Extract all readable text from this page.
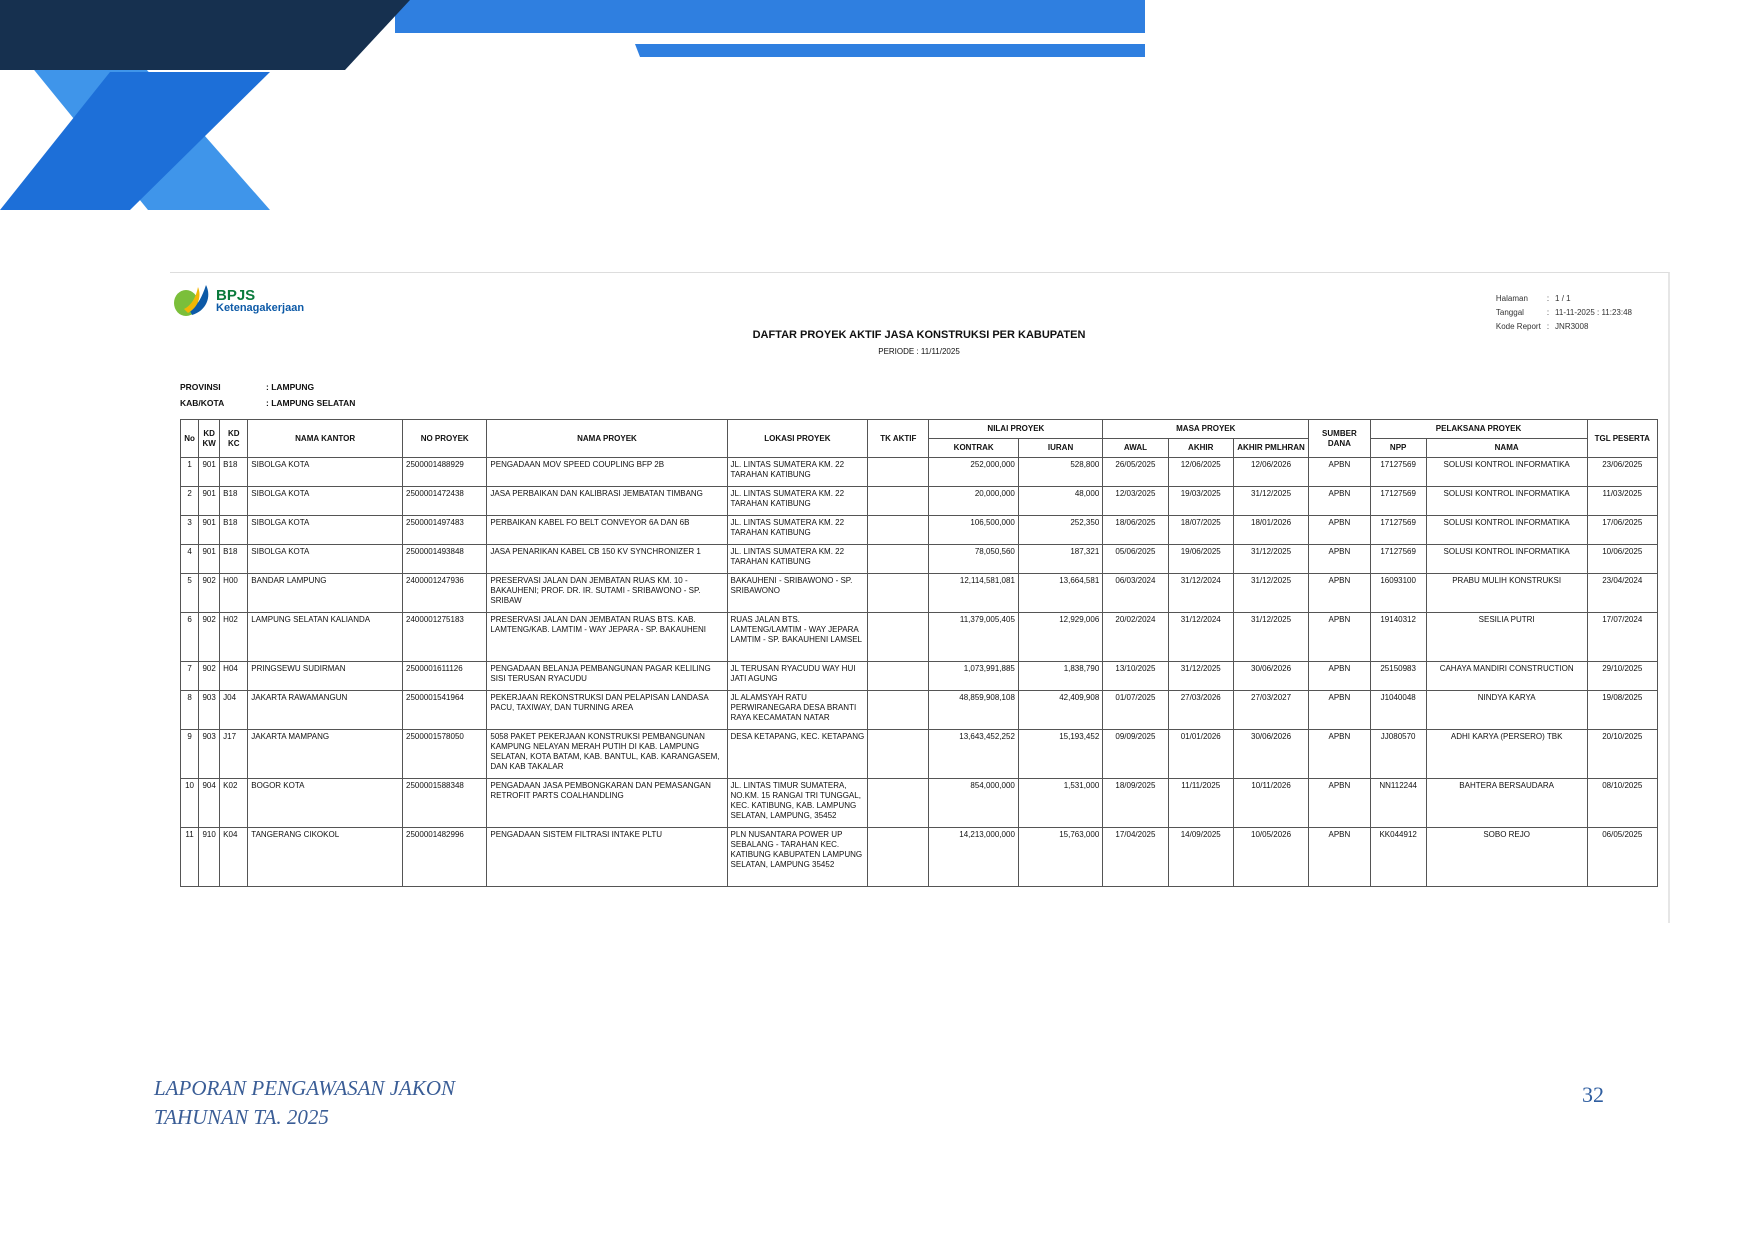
BPJS
Ketenagakerjaan
Halaman	:	1 / 1
Tanggal	:	11-11-2025 : 11:23:48
Kode Report	:	JNR3008
DAFTAR PROYEK AKTIF JASA KONSTRUKSI PER KABUPATEN
PERIODE : 11/11/2025
PROVINSI	: LAMPUNG
KAB/KOTA	: LAMPUNG SELATAN
No	KD KW	KD KC	NAMA KANTOR	NO PROYEK	NAMA PROYEK	LOKASI PROYEK	TK AKTIF	NILAI PROYEK		MASA PROYEK			SUMBER DANA	PELAKSANA PROYEK		TGL PESERTA
								KONTRAK	IURAN	AWAL	AKHIR	AKHIR PMLHRAN		NPP	NAMA	
1	901	B18	SIBOLGA KOTA	2500001488929	PENGADAAN MOV SPEED COUPLING BFP 2B	JL. LINTAS SUMATERA KM. 22 TARAHAN KATIBUNG		252,000,000	528,800	26/05/2025	12/06/2025	12/06/2026	APBN	17127569	SOLUSI KONTROL INFORMATIKA	23/06/2025
2	901	B18	SIBOLGA KOTA	2500001472438	JASA PERBAIKAN DAN KALIBRASI JEMBATAN TIMBANG	JL. LINTAS SUMATERA KM. 22 TARAHAN KATIBUNG		20,000,000	48,000	12/03/2025	19/03/2025	31/12/2025	APBN	17127569	SOLUSI KONTROL INFORMATIKA	11/03/2025
3	901	B18	SIBOLGA KOTA	2500001497483	PERBAIKAN KABEL FO BELT CONVEYOR 6A DAN 6B	JL. LINTAS SUMATERA KM. 22 TARAHAN KATIBUNG		106,500,000	252,350	18/06/2025	18/07/2025	18/01/2026	APBN	17127569	SOLUSI KONTROL INFORMATIKA	17/06/2025
4	901	B18	SIBOLGA KOTA	2500001493848	JASA PENARIKAN KABEL CB 150 KV SYNCHRONIZER 1	JL. LINTAS SUMATERA KM. 22 TARAHAN KATIBUNG		78,050,560	187,321	05/06/2025	19/06/2025	31/12/2025	APBN	17127569	SOLUSI KONTROL INFORMATIKA	10/06/2025
5	902	H00	BANDAR LAMPUNG	2400001247936	PRESERVASI JALAN DAN JEMBATAN RUAS KM. 10 - BAKAUHENI; PROF. DR. IR. SUTAMI - SRIBAWONO - SP. SRIBAW	BAKAUHENI - SRIBAWONO - SP. SRIBAWONO		12,114,581,081	13,664,581	06/03/2024	31/12/2024	31/12/2025	APBN	16093100	PRABU MULIH KONSTRUKSI	23/04/2024
6	902	H02	LAMPUNG SELATAN KALIANDA	2400001275183	PRESERVASI JALAN DAN JEMBATAN RUAS BTS. KAB. LAMTENG/KAB. LAMTIM - WAY JEPARA - SP. BAKAUHENI	RUAS JALAN BTS. LAMTENG/LAMTIM - WAY JEPARA LAMTIM - SP. BAKAUHENI LAMSEL		11,379,005,405	12,929,006	20/02/2024	31/12/2024	31/12/2025	APBN	19140312	SESILIA PUTRI	17/07/2024
7	902	H04	PRINGSEWU SUDIRMAN	2500001611126	PENGADAAN BELANJA PEMBANGUNAN PAGAR KELILING SISI TERUSAN RYACUDU	JL TERUSAN RYACUDU WAY HUI JATI AGUNG		1,073,991,885	1,838,790	13/10/2025	31/12/2025	30/06/2026	APBN	25150983	CAHAYA MANDIRI CONSTRUCTION	29/10/2025
8	903	J04	JAKARTA RAWAMANGUN	2500001541964	PEKERJAAN REKONSTRUKSI DAN PELAPISAN LANDASA PACU, TAXIWAY, DAN TURNING AREA	JL ALAMSYAH RATU PERWIRANEGARA DESA BRANTI RAYA KECAMATAN NATAR		48,859,908,108	42,409,908	01/07/2025	27/03/2026	27/03/2027	APBN	J1040048	NINDYA KARYA	19/08/2025
9	903	J17	JAKARTA MAMPANG	2500001578050	5058 PAKET PEKERJAAN KONSTRUKSI PEMBANGUNAN KAMPUNG NELAYAN MERAH PUTIH DI KAB. LAMPUNG SELATAN, KOTA BATAM, KAB. BANTUL, KAB. KARANGASEM, DAN KAB TAKALAR	DESA KETAPANG, KEC. KETAPANG		13,643,452,252	15,193,452	09/09/2025	01/01/2026	30/06/2026	APBN	JJ080570	ADHI KARYA (PERSERO) TBK	20/10/2025
10	904	K02	BOGOR KOTA	2500001588348	PENGADAAN JASA PEMBONGKARAN DAN PEMASANGAN RETROFIT PARTS COALHANDLING	JL. LINTAS TIMUR SUMATERA, NO.KM. 15 RANGAI TRI TUNGGAL, KEC. KATIBUNG, KAB. LAMPUNG SELATAN, LAMPUNG, 35452		854,000,000	1,531,000	18/09/2025	11/11/2025	10/11/2026	APBN	NN112244	BAHTERA BERSAUDARA	08/10/2025
11	910	K04	TANGERANG CIKOKOL	2500001482996	PENGADAAN SISTEM FILTRASI INTAKE PLTU	PLN NUSANTARA POWER UP SEBALANG - TARAHAN KEC. KATIBUNG KABUPATEN LAMPUNG SELATAN, LAMPUNG 35452		14,213,000,000	15,763,000	17/04/2025	14/09/2025	10/05/2026	APBN	KK044912	SOBO REJO	06/05/2025
LAPORAN PENGAWASAN JAKON
TAHUNAN TA. 2025
32
